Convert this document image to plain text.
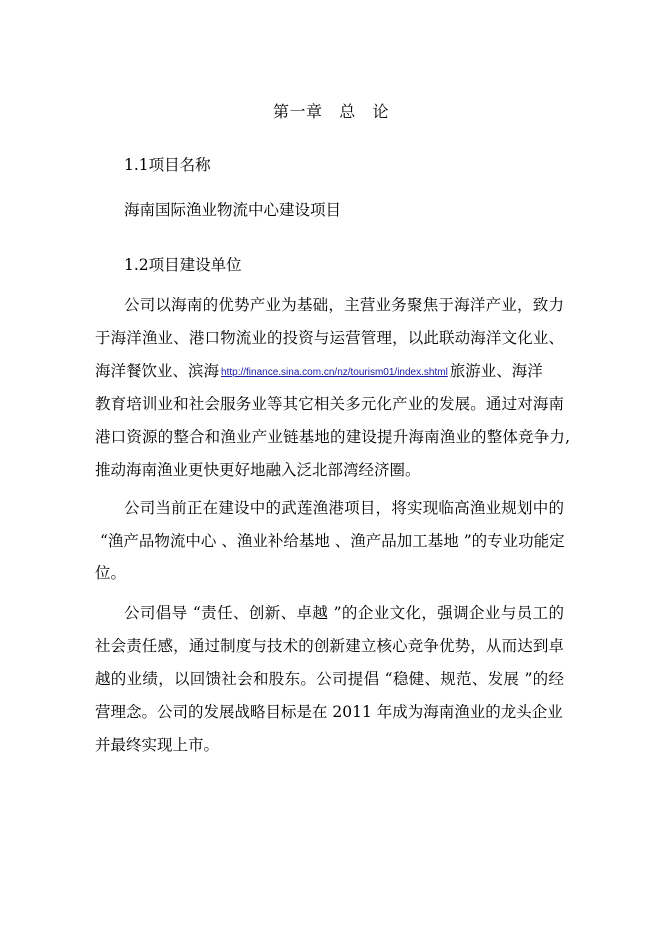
第一章   总   论
1.1项目名称
海南国际渔业物流中心建设项目
1.2项目建设单位
公司以海南的优势产业为基础，主营业务聚焦于海洋产业，致力
于海洋渔业、港口物流业的投资与运营管理，以此联动海洋文化业、
海洋餐饮业、滨海 http://finance.sina.com.cn/nz/tourism01/index.shtml 旅游业、海洋
教育培训业和社会服务业等其它相关多元化产业的发展。通过对海南
港口资源的整合和渔业产业链基地的建设提升海南渔业的整体竞争力,
推动海南渔业更快更好地融入泛北部湾经济圈。
公司当前正在建设中的武莲渔港项目，将实现临高渔业规划中的
“渔产品物流中心 、渔业补给基地 、渔产品加工基地 ”的专业功能定
位。
公司倡导 “责任、创新、卓越 ”的企业文化，强调企业与员工的
社会责任感，通过制度与技术的创新建立核心竞争优势，从而达到卓
越的业绩，以回馈社会和股东。公司提倡 “稳健、规范、发展 ”的经
营理念。公司的发展战略目标是在 2011 年成为海南渔业的龙头企业
并最终实现上市。
